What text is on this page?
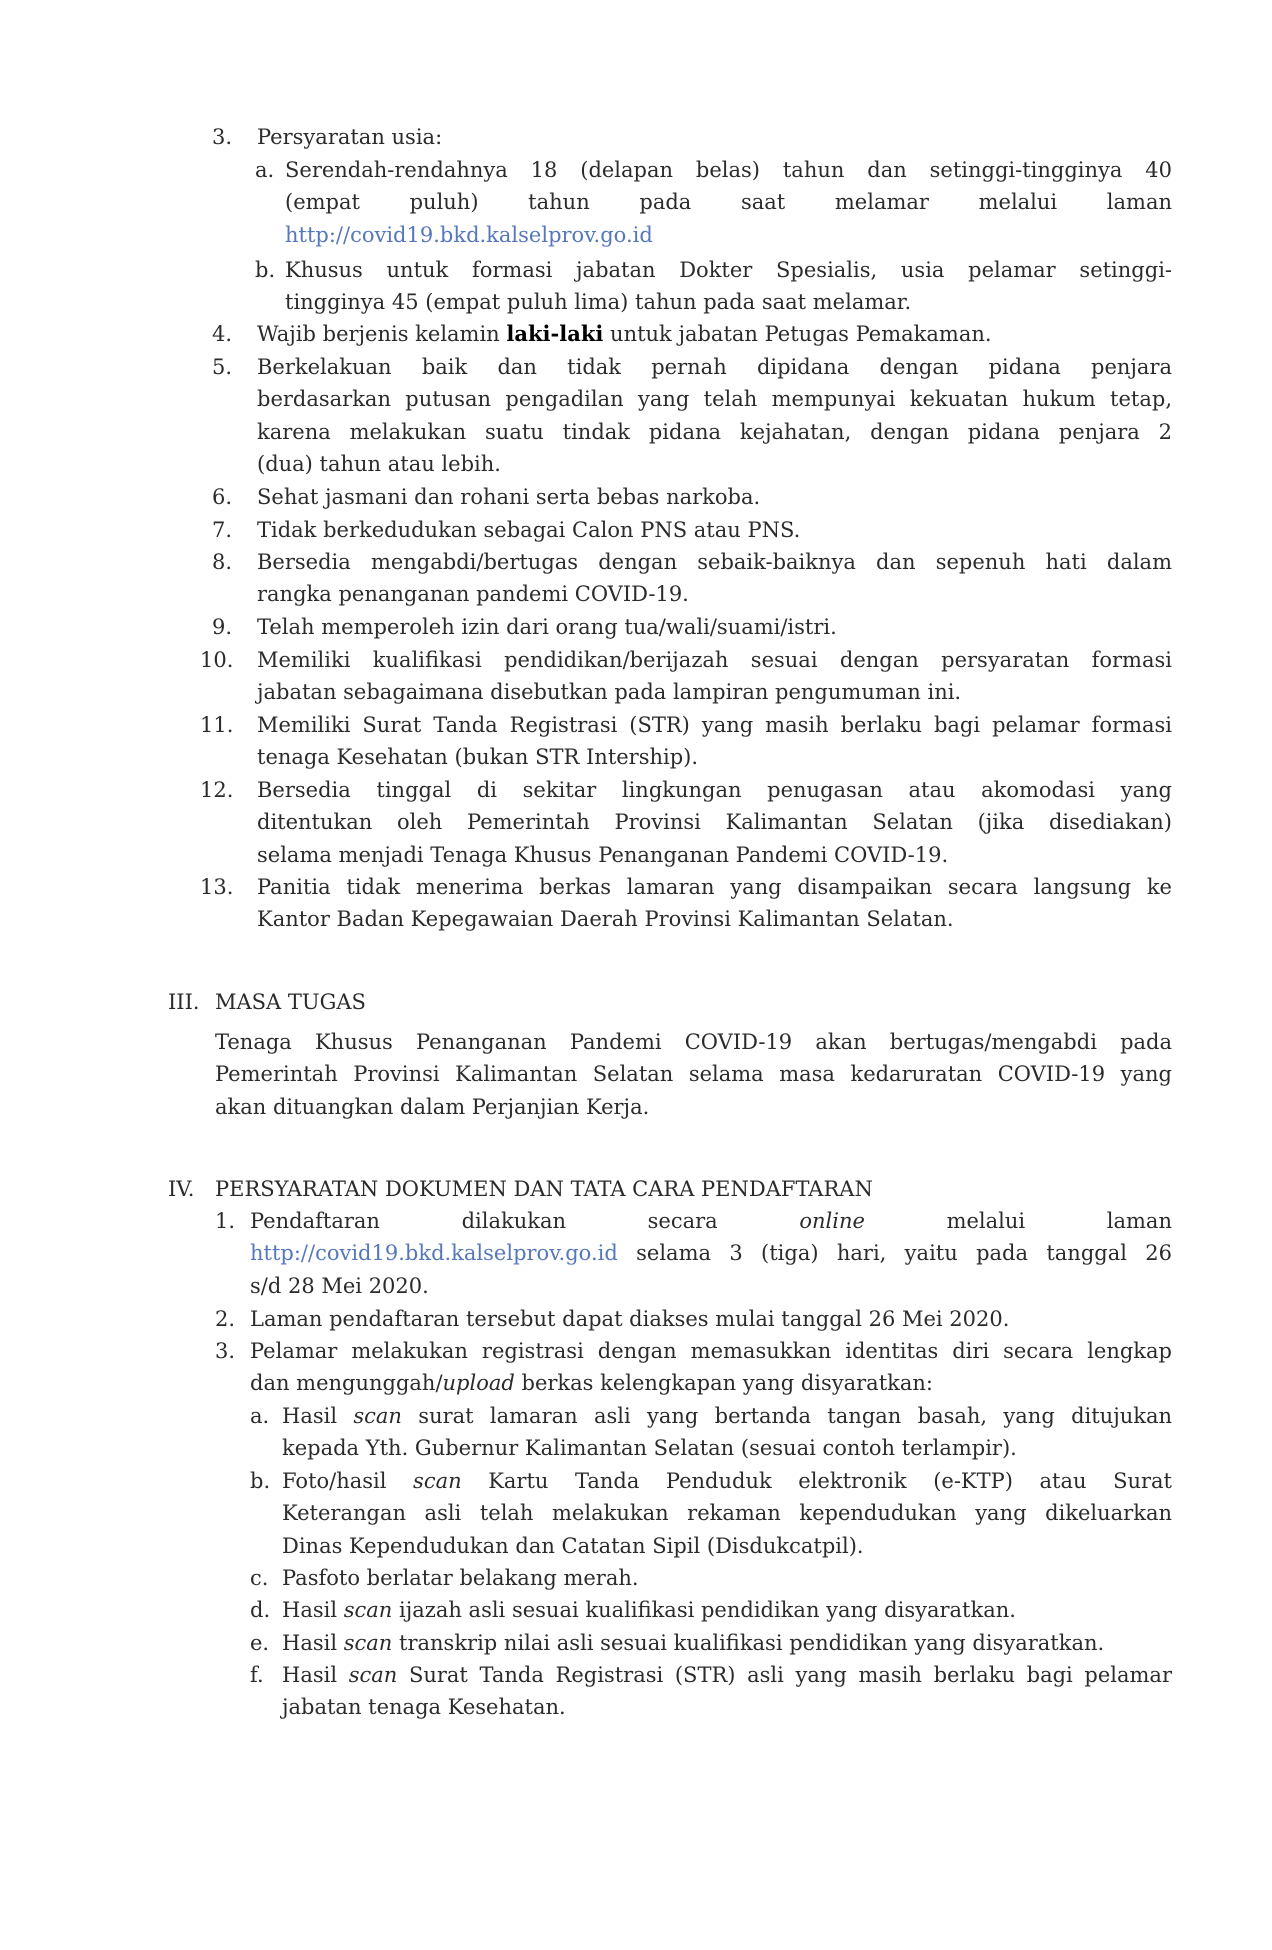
3. Persyaratan usia:
a. Serendah-rendahnya 18 (delapan belas) tahun dan setinggi-tingginya 40
(empat puluh) tahun pada saat melamar melalui laman
http://covid19.bkd.kalselprov.go.id
b. Khusus untuk formasi jabatan Dokter Spesialis, usia pelamar setinggi-
tingginya 45 (empat puluh lima) tahun pada saat melamar.
4. Wajib berjenis kelamin laki-laki untuk jabatan Petugas Pemakaman.
5. Berkelakuan baik dan tidak pernah dipidana dengan pidana penjara
berdasarkan putusan pengadilan yang telah mempunyai kekuatan hukum tetap,
karena melakukan suatu tindak pidana kejahatan, dengan pidana penjara 2
(dua) tahun atau lebih.
6. Sehat jasmani dan rohani serta bebas narkoba.
7. Tidak berkedudukan sebagai Calon PNS atau PNS.
8. Bersedia mengabdi/bertugas dengan sebaik-baiknya dan sepenuh hati dalam
rangka penanganan pandemi COVID-19.
9. Telah memperoleh izin dari orang tua/wali/suami/istri.
10. Memiliki kualifikasi pendidikan/berijazah sesuai dengan persyaratan formasi
jabatan sebagaimana disebutkan pada lampiran pengumuman ini.
11. Memiliki Surat Tanda Registrasi (STR) yang masih berlaku bagi pelamar formasi
tenaga Kesehatan (bukan STR Intership).
12. Bersedia tinggal di sekitar lingkungan penugasan atau akomodasi yang
ditentukan oleh Pemerintah Provinsi Kalimantan Selatan (jika disediakan)
selama menjadi Tenaga Khusus Penanganan Pandemi COVID-19.
13. Panitia tidak menerima berkas lamaran yang disampaikan secara langsung ke
Kantor Badan Kepegawaian Daerah Provinsi Kalimantan Selatan.
III. MASA TUGAS
Tenaga Khusus Penanganan Pandemi COVID-19 akan bertugas/mengabdi pada
Pemerintah Provinsi Kalimantan Selatan selama masa kedaruratan COVID-19 yang
akan dituangkan dalam Perjanjian Kerja.
IV. PERSYARATAN DOKUMEN DAN TATA CARA PENDAFTARAN
1. Pendaftaran	dilakukan	secara	online	melalui	laman
http://covid19.bkd.kalselprov.go.id selama 3 (tiga) hari, yaitu pada tanggal 26
s/d 28 Mei 2020.
2. Laman pendaftaran tersebut dapat diakses mulai tanggal 26 Mei 2020.
3. Pelamar melakukan registrasi dengan memasukkan identitas diri secara lengkap
dan mengunggah/upload berkas kelengkapan yang disyaratkan:
a. Hasil scan surat lamaran asli yang bertanda tangan basah, yang ditujukan
kepada Yth. Gubernur Kalimantan Selatan (sesuai contoh terlampir).
b. Foto/hasil scan Kartu Tanda Penduduk elektronik (e-KTP) atau Surat
Keterangan asli telah melakukan rekaman kependudukan yang dikeluarkan
Dinas Kependudukan dan Catatan Sipil (Disdukcatpil).
c. Pasfoto berlatar belakang merah.
d. Hasil scan ijazah asli sesuai kualifikasi pendidikan yang disyaratkan.
e. Hasil scan transkrip nilai asli sesuai kualifikasi pendidikan yang disyaratkan.
f. Hasil scan Surat Tanda Registrasi (STR) asli yang masih berlaku bagi pelamar
jabatan tenaga Kesehatan.
